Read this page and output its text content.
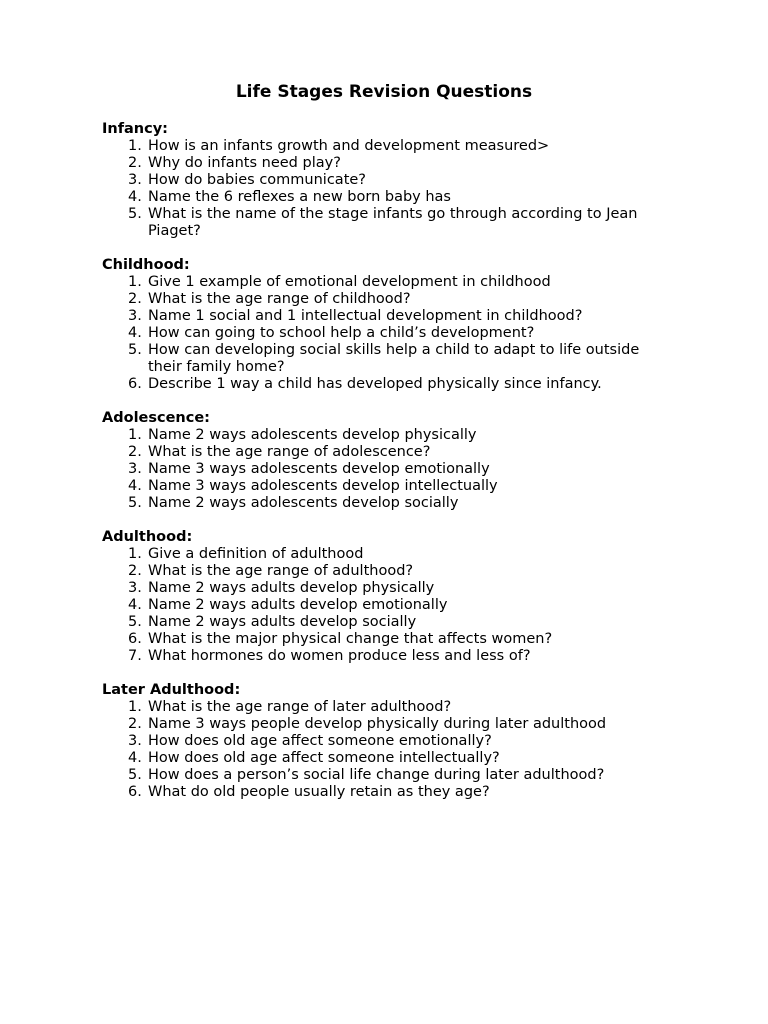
Life Stages Revision Questions

Infancy:

1. How is an infants growth and development measured>
2. Why do infants need play?
3. How do babies communicate?
4. Name the 6 reflexes a new born baby has
5. What is the name of the stage infants go through according to Jean Piaget?

Childhood:

1. Give 1 example of emotional development in childhood
2. What is the age range of childhood?
3. Name 1 social and 1 intellectual development in childhood?
4. How can going to school help a child’s development?
5. How can developing social skills help a child to adapt to life outside their family home?
6. Describe 1 way a child has developed physically since infancy.

Adolescence:

1. Name 2 ways adolescents develop physically
2. What is the age range of adolescence?
3. Name 3 ways adolescents develop emotionally
4. Name 3 ways adolescents develop intellectually
5. Name 2 ways adolescents develop socially

Adulthood:

1. Give a definition of adulthood
2. What is the age range of adulthood?
3. Name 2 ways adults develop physically
4. Name 2 ways adults develop emotionally
5. Name 2 ways adults develop socially
6. What is the major physical change that affects women?
7. What hormones do women produce less and less of?

Later Adulthood:

1. What is the age range of later adulthood?
2. Name 3 ways people develop physically during later adulthood
3. How does old age affect someone emotionally?
4. How does old age affect someone intellectually?
5. How does a person’s social life change during later adulthood?
6. What do old people usually retain as they age?
